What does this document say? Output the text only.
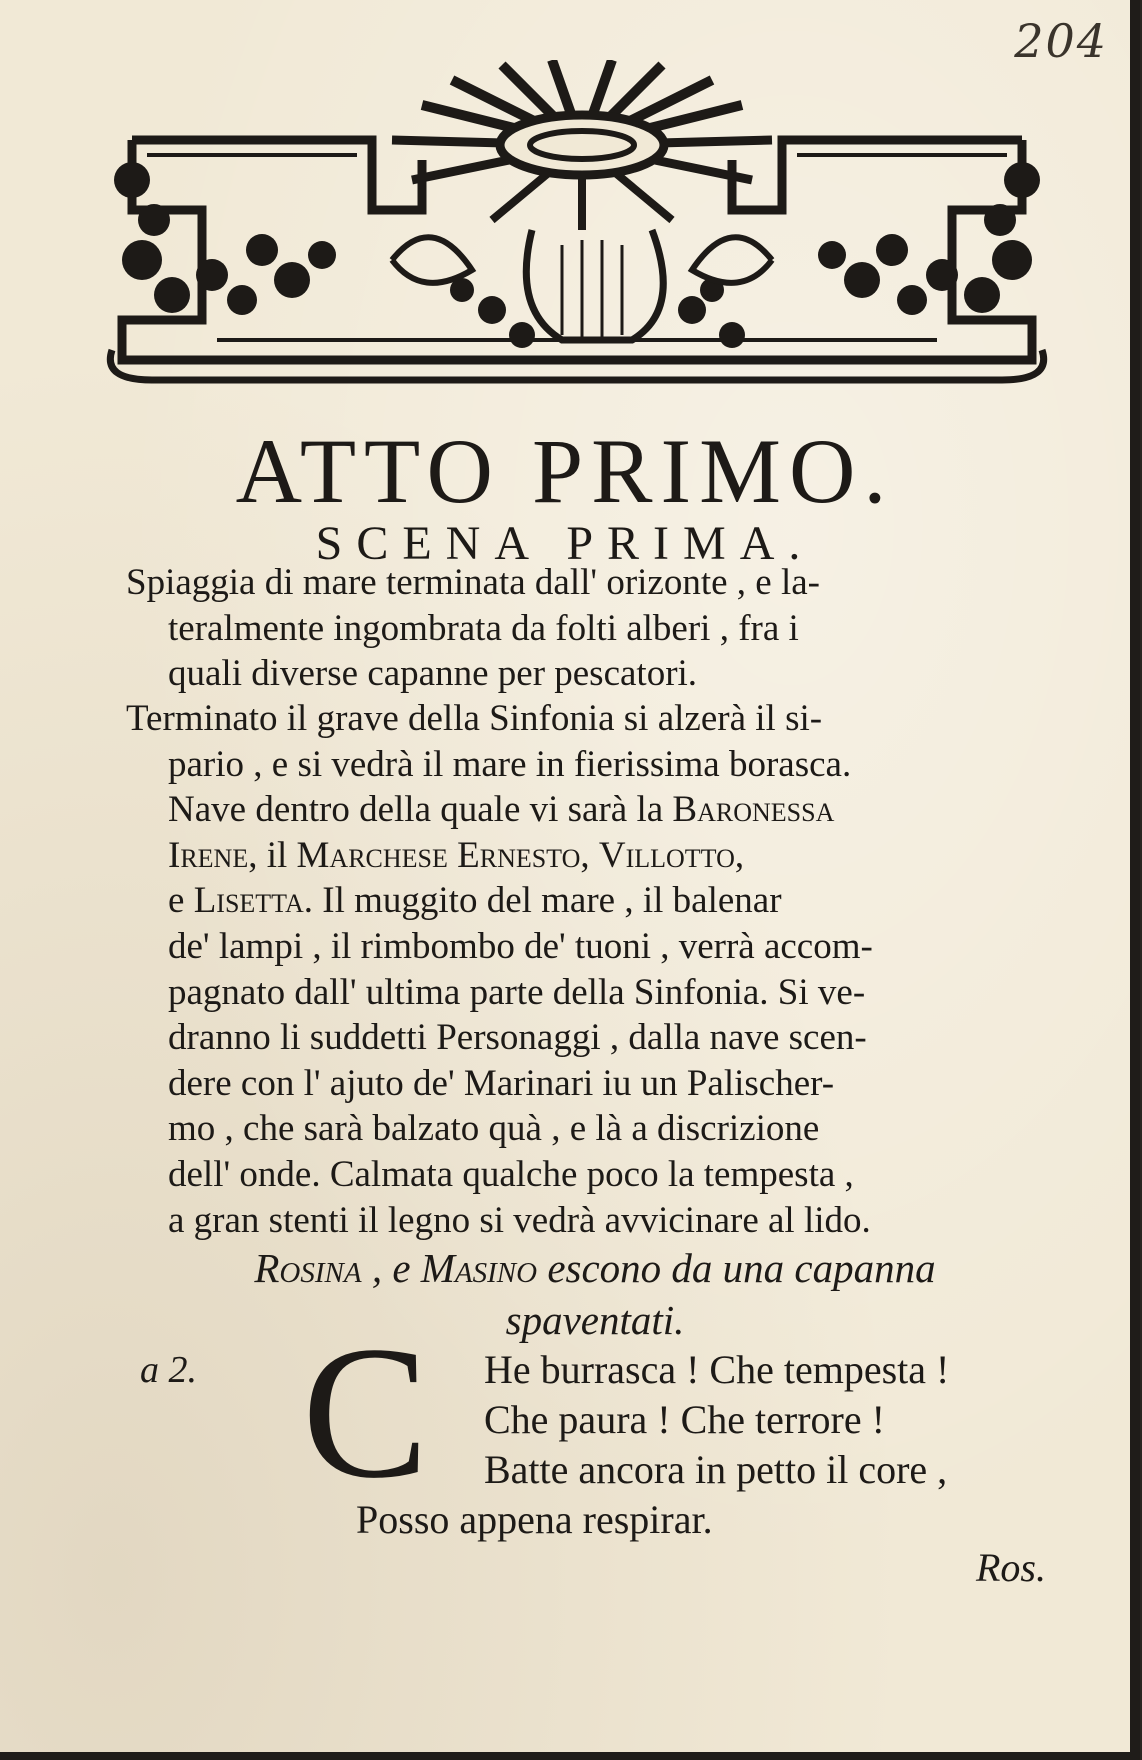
204
ATTO PRIMO.
SCENA PRIMA.
Spiaggia di mare terminata dall' orizonte , e la-
teralmente ingombrata da folti alberi , fra i
quali diverse capanne per pescatori.
Terminato il grave della Sinfonia si alzerà il si-
pario , e si vedrà il mare in fierissima borasca.
Nave dentro della quale vi sarà la Baronessa
Irene, il Marchese Ernesto, Villotto,
e Lisetta. Il muggito del mare , il balenar
de' lampi , il rimbombo de' tuoni , verrà accom-
pagnato dall' ultima parte della Sinfonia. Si ve-
dranno li suddetti Personaggi , dalla nave scen-
dere con l' ajuto de' Marinari iu un Palischer-
mo , che sarà balzato quà , e là a discrizione
dell' onde. Calmata qualche poco la tempesta ,
a gran stenti il legno si vedrà avvicinare al lido.
Rosina , e Masino escono da una capanna
spaventati.
a 2. C He burrasca ! Che tempesta !
Che paura ! Che terrore !
Batte ancora in petto il core ,
Posso appena respirar.
Ros.
